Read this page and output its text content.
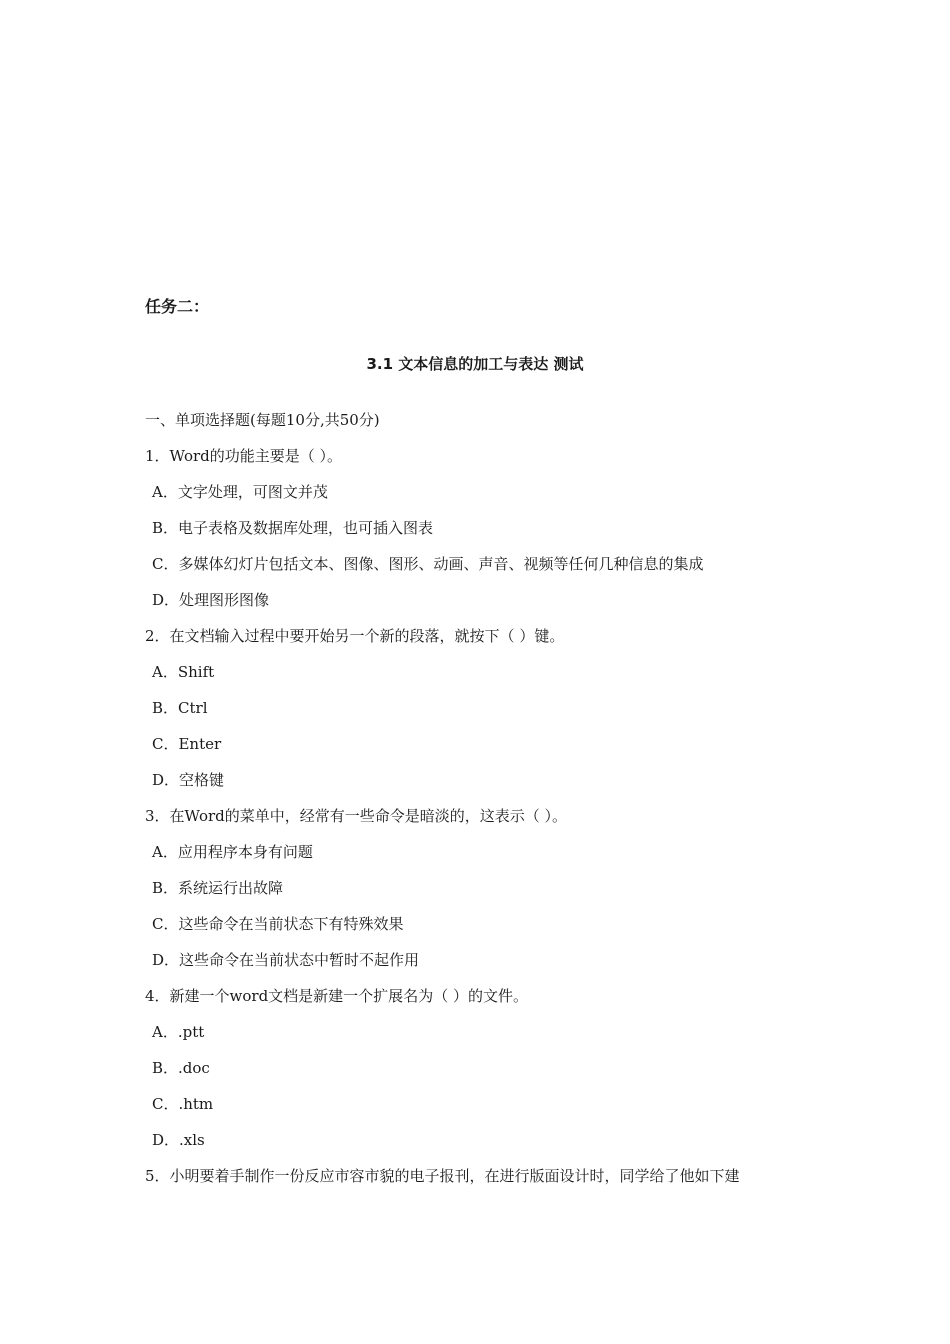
任务二：

3.1 文本信息的加工与表达 测试

一、单项选择题(每题10分,共50分)

1．Word的功能主要是（ ）。

A．文字处理，可图文并茂

B．电子表格及数据库处理，也可插入图表

C．多媒体幻灯片包括文本、图像、图形、动画、声音、视频等任何几种信息的集成

D．处理图形图像

2．在文档输入过程中要开始另一个新的段落，就按下（ ）键。

A．Shift

B．Ctrl

C．Enter

D．空格键

3．在Word的菜单中，经常有一些命令是暗淡的，这表示（ ）。

A．应用程序本身有问题

B．系统运行出故障

C．这些命令在当前状态下有特殊效果

D．这些命令在当前状态中暂时不起作用

4．新建一个word文档是新建一个扩展名为（ ）的文件。

A．.ptt

B．.doc

C．.htm

D．.xls

5．小明要着手制作一份反应市容市貌的电子报刊，在进行版面设计时，同学给了他如下建
